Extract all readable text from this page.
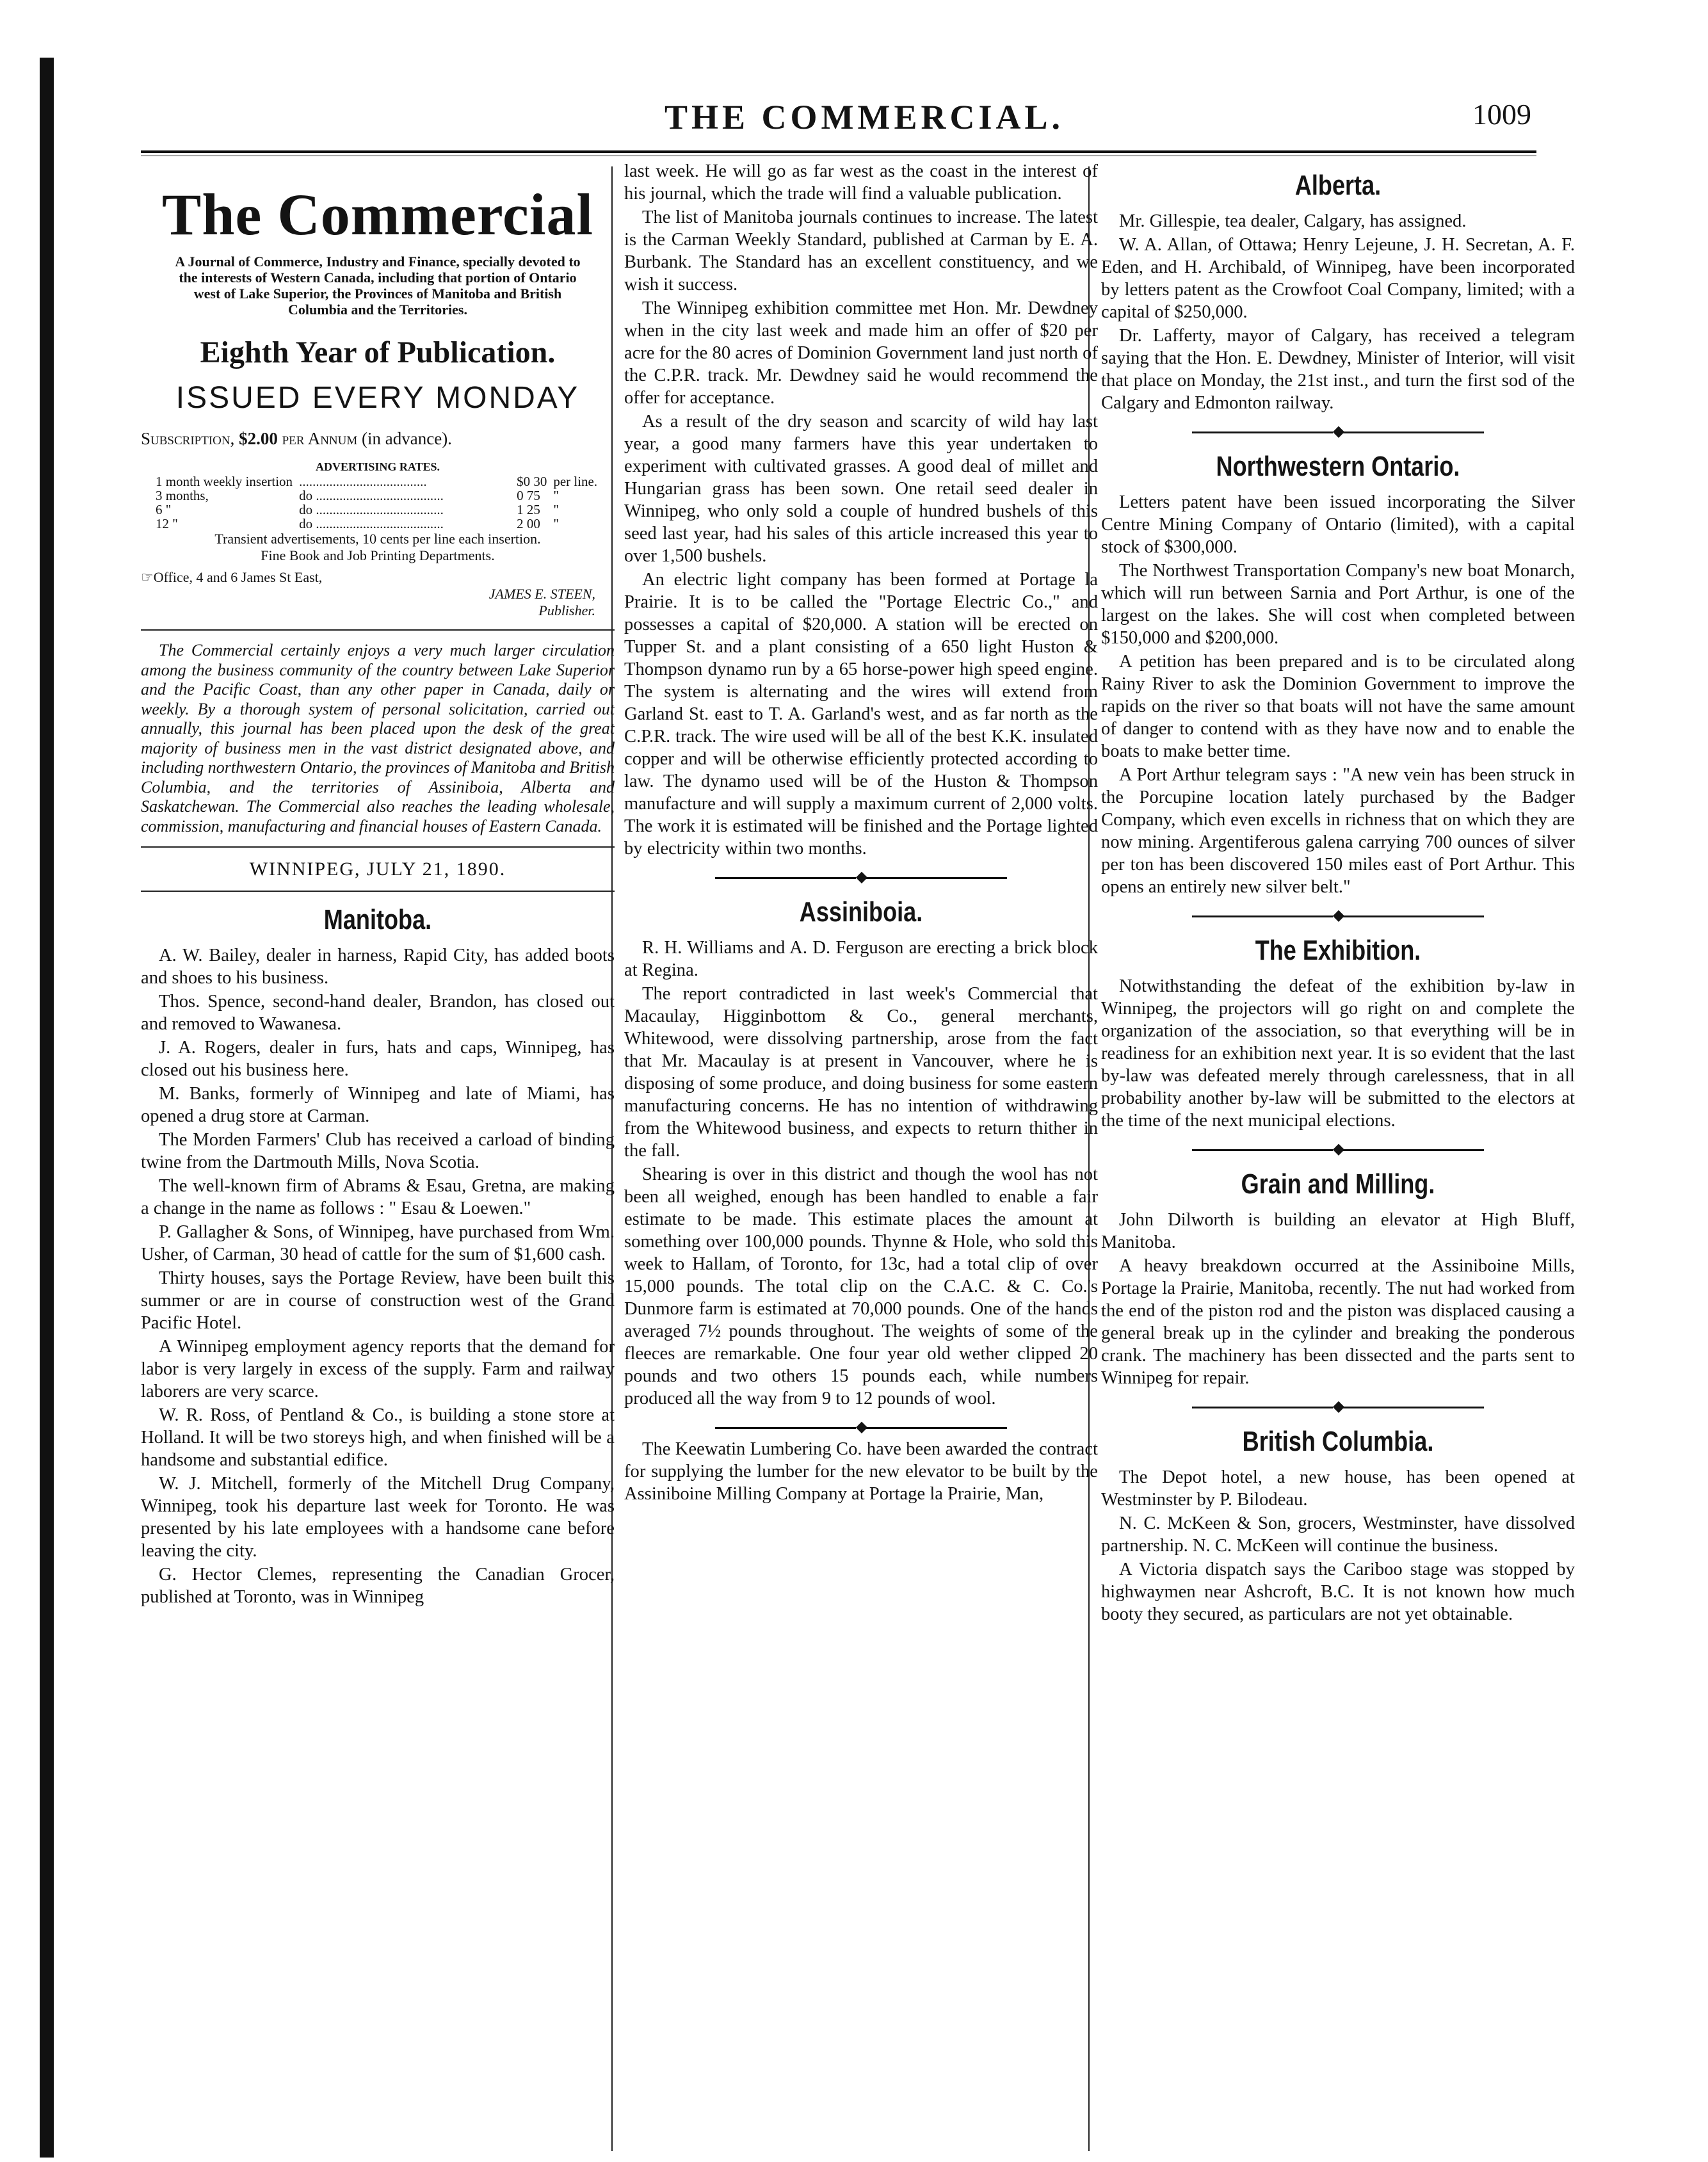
THE COMMERCIAL.	1009
The Commercial
A Journal of Commerce, Industry and Finance, specially devoted to the interests of Western Canada, including that portion of Ontario west of Lake Superior, the Provinces of Manitoba and British Columbia and the Territories.
Eighth Year of Publication.
ISSUED EVERY MONDAY
Subscription, $2.00 per Annum (in advance).
ADVERTISING RATES.
1 month weekly insertion	......................................	$0 30	per line.
3 months,	do ......................................	0 75	"
6 "	do ......................................	1 25	"
12 "	do ......................................	2 00	"
Transient advertisements, 10 cents per line each insertion.
Fine Book and Job Printing Departments.
☞Office, 4 and 6 James St East,
JAMES E. STEEN,
Publisher.
The Commercial certainly enjoys a very much larger circulation among the business community of the country between Lake Superior and the Pacific Coast, than any other paper in Canada, daily or weekly. By a thorough system of personal solicitation, carried out annually, this journal has been placed upon the desk of the great majority of business men in the vast district designated above, and including northwestern Ontario, the provinces of Manitoba and British Columbia, and the territories of Assiniboia, Alberta and Saskatchewan. The Commercial also reaches the leading wholesale, commission, manufacturing and financial houses of Eastern Canada.
WINNIPEG, JULY 21, 1890.
Manitoba.

A. W. Bailey, dealer in harness, Rapid City, has added boots and shoes to his business.

Thos. Spence, second-hand dealer, Brandon, has closed out and removed to Wawanesa.

J. A. Rogers, dealer in furs, hats and caps, Winnipeg, has closed out his business here.

M. Banks, formerly of Winnipeg and late of Miami, has opened a drug store at Carman.

The Morden Farmers' Club has received a carload of binding twine from the Dartmouth Mills, Nova Scotia.

The well-known firm of Abrams & Esau, Gretna, are making a change in the name as follows : " Esau & Loewen."

P. Gallagher & Sons, of Winnipeg, have purchased from Wm. Usher, of Carman, 30 head of cattle for the sum of $1,600 cash.

Thirty houses, says the Portage Review, have been built this summer or are in course of construction west of the Grand Pacific Hotel.

A Winnipeg employment agency reports that the demand for labor is very largely in excess of the supply. Farm and railway laborers are very scarce.

W. R. Ross, of Pentland & Co., is building a stone store at Holland. It will be two storeys high, and when finished will be a handsome and substantial edifice.

W. J. Mitchell, formerly of the Mitchell Drug Company, Winnipeg, took his departure last week for Toronto. He was presented by his late employees with a handsome cane before leaving the city.

G. Hector Clemes, representing the Canadian Grocer, published at Toronto, was in Winnipeg

last week. He will go as far west as the coast in the interest of his journal, which the trade will find a valuable publication.

The list of Manitoba journals continues to increase. The latest is the Carman Weekly Standard, published at Carman by E. A. Burbank. The Standard has an excellent constituency, and we wish it success.

The Winnipeg exhibition committee met Hon. Mr. Dewdney when in the city last week and made him an offer of $20 per acre for the 80 acres of Dominion Government land just north of the C.P.R. track. Mr. Dewdney said he would recommend the offer for acceptance.

As a result of the dry season and scarcity of wild hay last year, a good many farmers have this year undertaken to experiment with cultivated grasses. A good deal of millet and Hungarian grass has been sown. One retail seed dealer in Winnipeg, who only sold a couple of hundred bushels of this seed last year, had his sales of this article increased this year to over 1,500 bushels.

An electric light company has been formed at Portage la Prairie. It is to be called the "Portage Electric Co.," and possesses a capital of $20,000. A station will be erected on Tupper St. and a plant consisting of a 650 light Huston & Thompson dynamo run by a 65 horse-power high speed engine. The system is alternating and the wires will extend from Garland St. east to T. A. Garland's west, and as far north as the C.P.R. track. The wire used will be all of the best K.K. insulated copper and will be otherwise efficiently protected according to law. The dynamo used will be of the Huston & Thompson manufacture and will supply a maximum current of 2,000 volts. The work it is estimated will be finished and the Portage lighted by electricity within two months.

◆
Assiniboia.

R. H. Williams and A. D. Ferguson are erecting a brick block at Regina.

The report contradicted in last week's Commercial that Macaulay, Higginbottom & Co., general merchants, Whitewood, were dissolving partnership, arose from the fact that Mr. Macaulay is at present in Vancouver, where he is disposing of some produce, and doing business for some eastern manufacturing concerns. He has no intention of withdrawing from the Whitewood business, and expects to return thither in the fall.

Shearing is over in this district and though the wool has not been all weighed, enough has been handled to enable a fair estimate to be made. This estimate places the amount at something over 100,000 pounds. Thynne & Hole, who sold this week to Hallam, of Toronto, for 13c, had a total clip of over 15,000 pounds. The total clip on the C.A.C. & C. Co.'s Dunmore farm is estimated at 70,000 pounds. One of the hands averaged 7½ pounds throughout. The weights of some of the fleeces are remarkable. One four year old wether clipped 20 pounds and two others 15 pounds each, while numbers produced all the way from 9 to 12 pounds of wool.

◆

The Keewatin Lumbering Co. have been awarded the contract for supplying the lumber for the new elevator to be built by the Assiniboine Milling Company at Portage la Prairie, Man,

Alberta.

Mr. Gillespie, tea dealer, Calgary, has assigned.

W. A. Allan, of Ottawa; Henry Lejeune, J. H. Secretan, A. F. Eden, and H. Archibald, of Winnipeg, have been incorporated by letters patent as the Crowfoot Coal Company, limited; with a capital of $250,000.

Dr. Lafferty, mayor of Calgary, has received a telegram saying that the Hon. E. Dewdney, Minister of Interior, will visit that place on Monday, the 21st inst., and turn the first sod of the Calgary and Edmonton railway.

◆
Northwestern Ontario.

Letters patent have been issued incorporating the Silver Centre Mining Company of Ontario (limited), with a capital stock of $300,000.

The Northwest Transportation Company's new boat Monarch, which will run between Sarnia and Port Arthur, is one of the largest on the lakes. She will cost when completed between $150,000 and $200,000.

A petition has been prepared and is to be circulated along Rainy River to ask the Dominion Government to improve the rapids on the river so that boats will not have the same amount of danger to contend with as they have now and to enable the boats to make better time.

A Port Arthur telegram says : "A new vein has been struck in the Porcupine location lately purchased by the Badger Company, which even excells in richness that on which they are now mining. Argentiferous galena carrying 700 ounces of silver per ton has been discovered 150 miles east of Port Arthur. This opens an entirely new silver belt."

◆
The Exhibition.

Notwithstanding the defeat of the exhibition by-law in Winnipeg, the projectors will go right on and complete the organization of the association, so that everything will be in readiness for an exhibition next year. It is so evident that the last by-law was defeated merely through carelessness, that in all probability another by-law will be submitted to the electors at the time of the next municipal elections.

◆
Grain and Milling.

John Dilworth is building an elevator at High Bluff, Manitoba.

A heavy breakdown occurred at the Assiniboine Mills, Portage la Prairie, Manitoba, recently. The nut had worked from the end of the piston rod and the piston was displaced causing a general break up in the cylinder and breaking the ponderous crank. The machinery has been dissected and the parts sent to Winnipeg for repair.

◆
British Columbia.

The Depot hotel, a new house, has been opened at Westminster by P. Bilodeau.

N. C. McKeen & Son, grocers, Westminster, have dissolved partnership. N. C. McKeen will continue the business.

A Victoria dispatch says the Cariboo stage was stopped by highwaymen near Ashcroft, B.C. It is not known how much booty they secured, as particulars are not yet obtainable.
